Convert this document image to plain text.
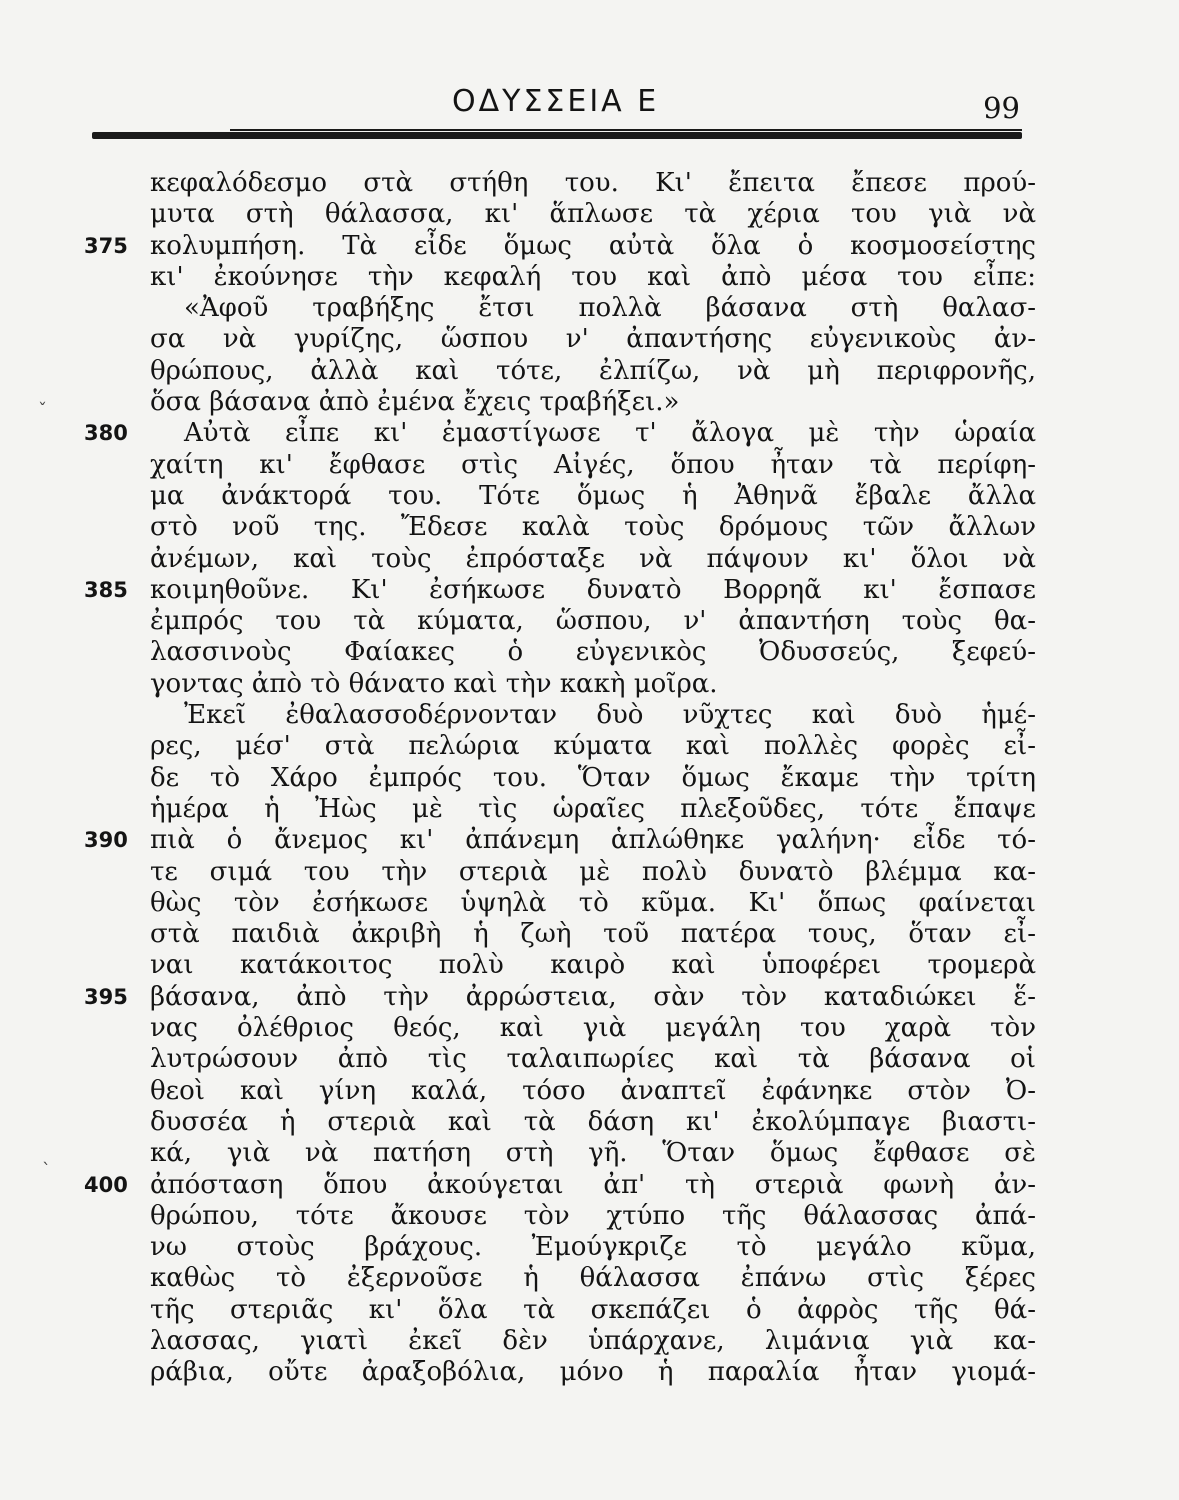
ΟΔΥΣΣΕΙΑ Ε	99
κεφαλόδεσμο στὰ στήθη του. Κι' ἔπειτα ἔπεσε πρού-
μυτα στὴ θάλασσα, κι' ἅπλωσε τὰ χέρια του γιὰ νὰ
375 κολυμπήση. Τὰ εἶδε ὅμως αὐτὰ ὅλα ὁ κοσμοσείστης
κι' ἐκούνησε τὴν κεφαλή του καὶ ἀπὸ μέσα του εἶπε:
«Ἀφοῦ τραβήξης ἔτσι πολλὰ βάσανα στὴ θαλασ-
σα νὰ γυρίζης, ὥσπου ν' ἀπαντήσης εὐγενικοὺς ἀν-
θρώπους, ἀλλὰ καὶ τότε, ἐλπίζω, νὰ μὴ περιφρονῆς,
ὅσα βάσανα ἀπὸ ἐμένα ἔχεις τραβήξει.»
380	Αὐτὰ εἶπε κι' ἐμαστίγωσε τ' ἄλογα μὲ τὴν ὡραία
χαίτη κι' ἔφθασε στὶς Αἰγές, ὅπου ἦταν τὰ περίφη-
μα ἀνάκτορά του. Τότε ὅμως ἡ Ἀθηνᾶ ἔβαλε ἄλλα
στὸ νοῦ της. Ἔδεσε καλὰ τοὺς δρόμους τῶν ἄλλων
ἀνέμων, καὶ τοὺς ἐπρόσταξε νὰ πάψουν κι' ὅλοι νὰ
385 κοιμηθοῦνε. Κι' ἐσήκωσε δυνατὸ Βορρηᾶ κι' ἔσπασε
ἐμπρός του τὰ κύματα, ὥσπου, ν' ἀπαντήση τοὺς θα-
λασσινοὺς Φαίακες ὁ εὐγενικὸς Ὀδυσσεύς, ξεφεύ-
γοντας ἀπὸ τὸ θάνατο καὶ τὴν κακὴ μοῖρα.
Ἐκεῖ ἐθαλασσοδέρνονταν δυὸ νῦχτες καὶ δυὸ ἡμέ-
ρες, μέσ' στὰ πελώρια κύματα καὶ πολλὲς φορὲς εἶ-
δε τὸ Χάρο ἐμπρός του. Ὅταν ὅμως ἔκαμε τὴν τρίτη
ἡμέρα ἡ Ἠὼς μὲ τὶς ὡραῖες πλεξοῦδες, τότε ἔπαψε
390 πιὰ ὁ ἄνεμος κι' ἀπάνεμη ἁπλώθηκε γαλήνη· εἶδε τό-
τε σιμά του τὴν στεριὰ μὲ πολὺ δυνατὸ βλέμμα κα-
θὼς τὸν ἐσήκωσε ὑψηλὰ τὸ κῦμα. Κι' ὅπως φαίνεται
στὰ παιδιὰ ἀκριβὴ ἡ ζωὴ τοῦ πατέρα τους, ὅταν εἶ-
ναι κατάκοιτος πολὺ καιρὸ καὶ ὑποφέρει τρομερὰ
395 βάσανα, ἀπὸ τὴν ἀρρώστεια, σὰν τὸν καταδιώκει ἕ-
νας ὀλέθριος θεός, καὶ γιὰ μεγάλη του χαρὰ τὸν
λυτρώσουν ἀπὸ τὶς ταλαιπωρίες καὶ τὰ βάσανα οἱ
θεοὶ καὶ γίνη καλά, τόσο ἀναπτεῖ ἐφάνηκε στὸν Ὀ-
δυσσέα ἡ στεριὰ καὶ τὰ δάση κι' ἐκολύμπαγε βιαστι-
κά, γιὰ νὰ πατήση στὴ γῆ. Ὅταν ὅμως ἔφθασε σὲ
400 ἀπόσταση ὅπου ἀκούγεται ἀπ' τὴ στεριὰ φωνὴ ἀν-
θρώπου, τότε ἄκουσε τὸν χτύπο τῆς θάλασσας ἀπά-
νω στοὺς βράχους. Ἐμούγκριζε τὸ μεγάλο κῦμα,
καθὼς τὸ ἐξερνοῦσε ἡ θάλασσα ἐπάνω στὶς ξέρες
τῆς στεριᾶς κι' ὅλα τὰ σκεπάζει ὁ ἀφρὸς τῆς θά-
λασσας, γιατὶ ἐκεῖ δὲν ὑπάρχανε, λιμάνια γιὰ κα-
ράβια, οὔτε ἀραξοβόλια, μόνο ἡ παραλία ἦταν γιομά-
ˇ
ˋ
